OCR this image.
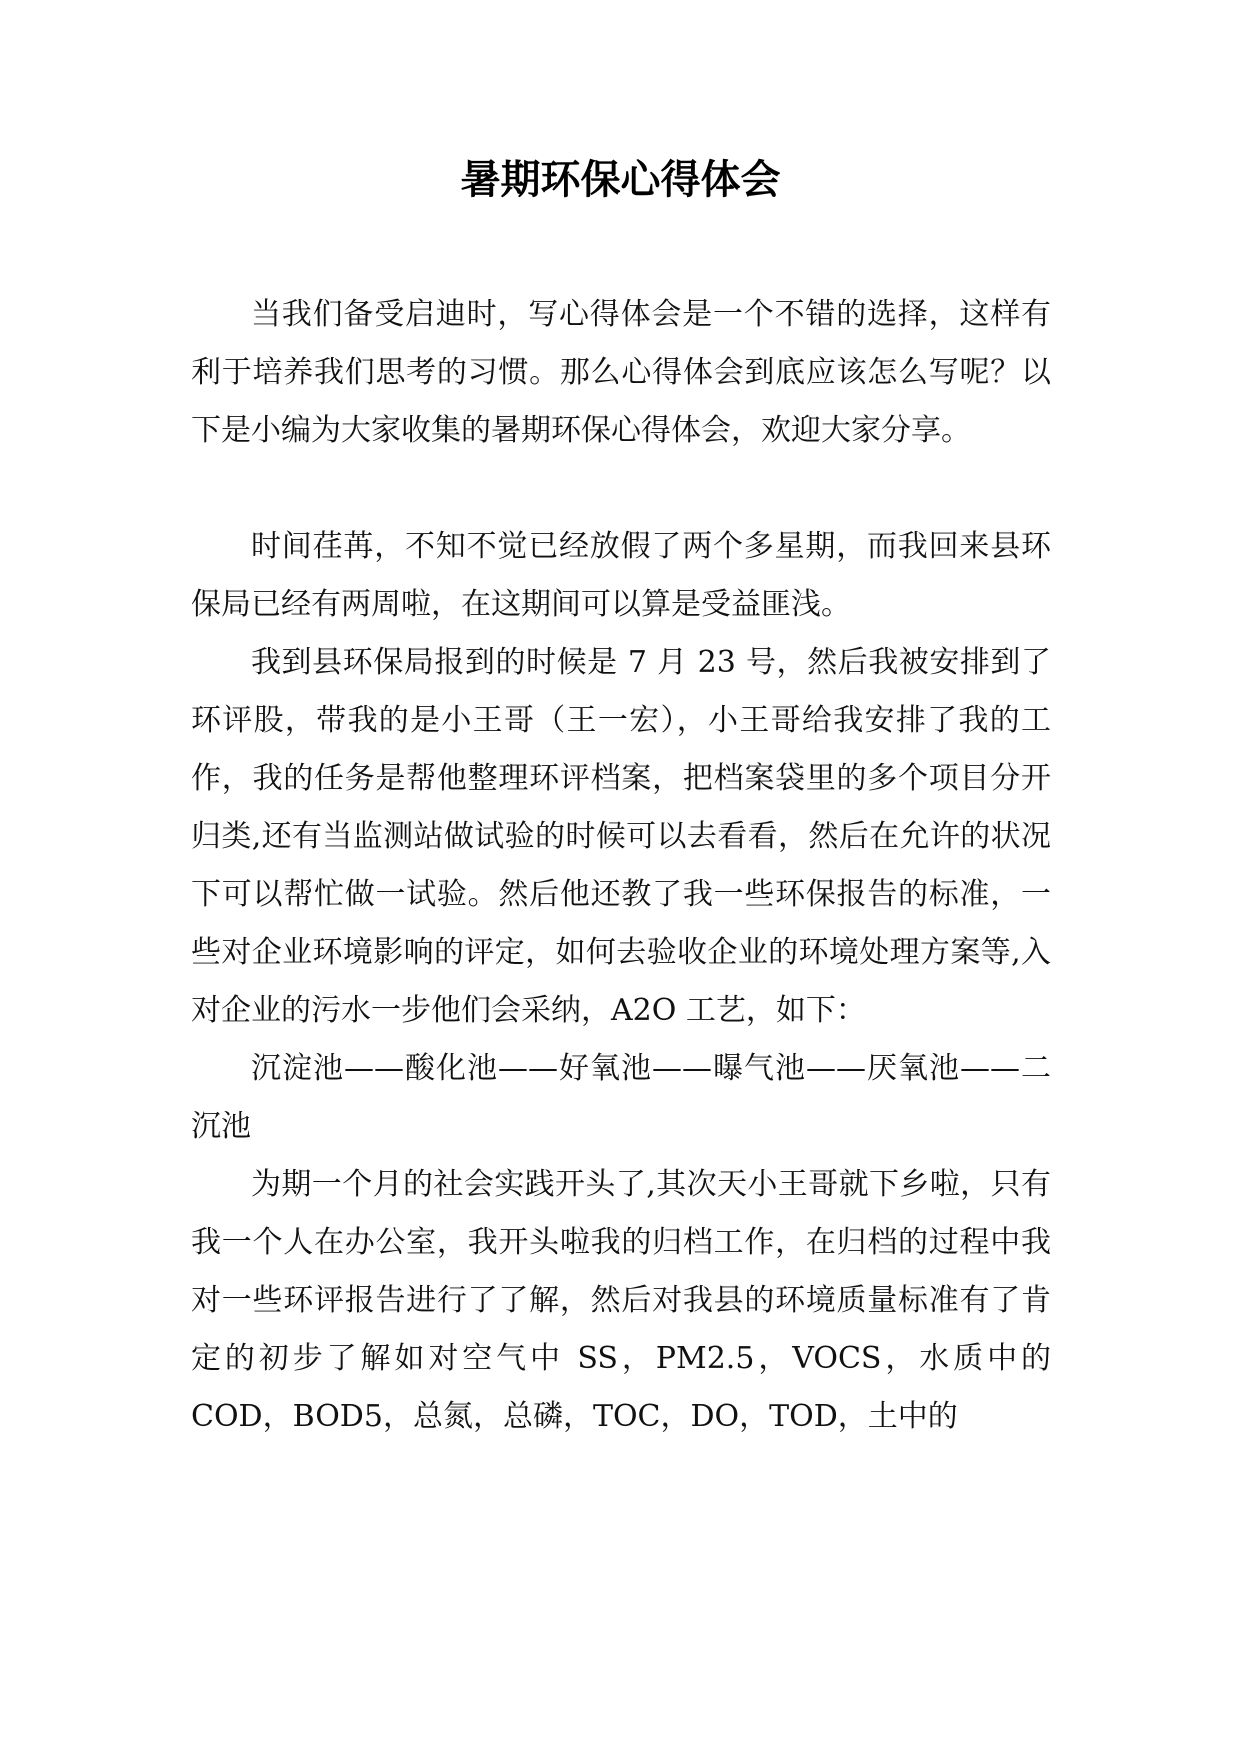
暑期环保心得体会

当我们备受启迪时，写心得体会是一个不错的选择，这样有利于培养我们思考的习惯。那么心得体会到底应该怎么写呢？以下是小编为大家收集的暑期环保心得体会，欢迎大家分享。

时间荏苒，不知不觉已经放假了两个多星期，而我回来县环保局已经有两周啦，在这期间可以算是受益匪浅。

我到县环保局报到的时候是 7 月 23 号，然后我被安排到了环评股，带我的是小王哥（王一宏），小王哥给我安排了我的工作，我的任务是帮他整理环评档案，把档案袋里的多个项目分开归类,还有当监测站做试验的时候可以去看看，然后在允许的状况下可以帮忙做一试验。然后他还教了我一些环保报告的标准，一些对企业环境影响的评定，如何去验收企业的环境处理方案等,入对企业的污水一步他们会采纳，A2O 工艺，如下：

沉淀池——酸化池——好氧池——曝气池——厌氧池——二沉池

为期一个月的社会实践开头了,其次天小王哥就下乡啦，只有我一个人在办公室，我开头啦我的归档工作，在归档的过程中我对一些环评报告进行了了解，然后对我县的环境质量标准有了肯定的初步了解如对空气中 SS，PM2.5，VOCS，水质中的 COD，BOD5，总氮，总磷，TOC，DO，TOD，土中的
